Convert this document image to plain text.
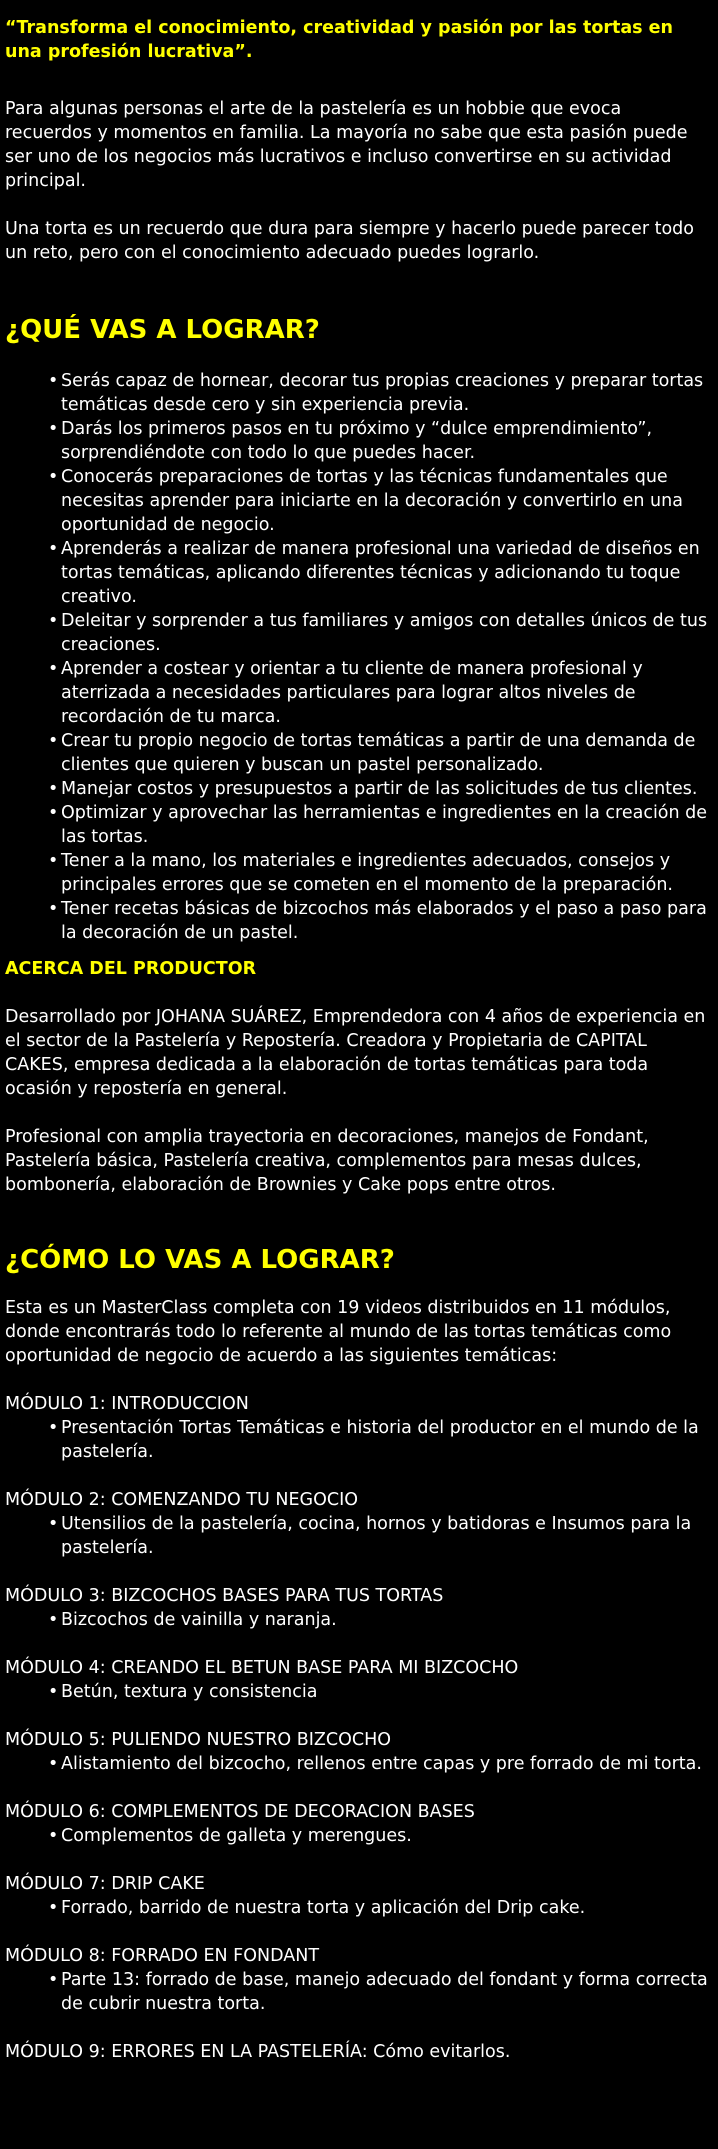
“Transforma el conocimiento, creatividad y pasión por las tortas en una profesión lucrativa”.

Para algunas personas el arte de la pastelería es un hobbie que evoca recuerdos y momentos en familia. La mayoría no sabe que esta pasión puede ser uno de los negocios más lucrativos e incluso convertirse en su actividad principal.

Una torta es un recuerdo que dura para siempre y hacerlo puede parecer todo un reto, pero con el conocimiento adecuado puedes lograrlo.

¿QUÉ VAS A LOGRAR?
• Serás capaz de hornear, decorar tus propias creaciones y preparar tortas temáticas desde cero y sin experiencia previa.
• Darás los primeros pasos en tu próximo y “dulce emprendimiento”, sorprendiéndote con todo lo que puedes hacer.
• Conocerás preparaciones de tortas y las técnicas fundamentales que necesitas aprender para iniciarte en la decoración y convertirlo en una oportunidad de negocio.
• Aprenderás a realizar de manera profesional una variedad de diseños en tortas temáticas, aplicando diferentes técnicas y adicionando tu toque creativo.
• Deleitar y sorprender a tus familiares y amigos con detalles únicos de tus creaciones.
• Aprender a costear y orientar a tu cliente de manera profesional y aterrizada a necesidades particulares para lograr altos niveles de recordación de tu marca.
• Crear tu propio negocio de tortas temáticas a partir de una demanda de clientes que quieren y buscan un pastel personalizado.
• Manejar costos y presupuestos a partir de las solicitudes de tus clientes.
• Optimizar y aprovechar las herramientas e ingredientes en la creación de las tortas.
• Tener a la mano, los materiales e ingredientes adecuados, consejos y principales errores que se cometen en el momento de la preparación.
• Tener recetas básicas de bizcochos más elaborados y el paso a paso para la decoración de un pastel.
ACERCA DEL PRODUCTOR

Desarrollado por JOHANA SUÁREZ, Emprendedora con 4 años de experiencia en el sector de la Pastelería y Repostería. Creadora y Propietaria de CAPITAL CAKES, empresa dedicada a la elaboración de tortas temáticas para toda ocasión y repostería en general.

Profesional con amplia trayectoria en decoraciones, manejos de Fondant, Pastelería básica, Pastelería creativa, complementos para mesas dulces, bombonería, elaboración de Brownies y Cake pops entre otros.

¿CÓMO LO VAS A LOGRAR?

Esta es un MasterClass completa con 19 videos distribuidos en 11 módulos, donde encontrarás todo lo referente al mundo de las tortas temáticas como oportunidad de negocio de acuerdo a las siguientes temáticas:

MÓDULO 1: INTRODUCCION

• Presentación Tortas Temáticas e historia del productor en el mundo de la pastelería.

MÓDULO 2: COMENZANDO TU NEGOCIO

• Utensilios de la pastelería, cocina, hornos y batidoras e Insumos para la pastelería.

MÓDULO 3: BIZCOCHOS BASES PARA TUS TORTAS

• Bizcochos de vainilla y naranja.

MÓDULO 4: CREANDO EL BETUN BASE PARA MI BIZCOCHO

• Betún, textura y consistencia

MÓDULO 5: PULIENDO NUESTRO BIZCOCHO

• Alistamiento del bizcocho, rellenos entre capas y pre forrado de mi torta.

MÓDULO 6: COMPLEMENTOS DE DECORACION BASES

• Complementos de galleta y merengues.

MÓDULO 7: DRIP CAKE

• Forrado, barrido de nuestra torta y aplicación del Drip cake.

MÓDULO 8: FORRADO EN FONDANT

• Parte 13: forrado de base, manejo adecuado del fondant y forma correcta de cubrir nuestra torta.

MÓDULO 9: ERRORES EN LA PASTELERÍA: Cómo evitarlos.
